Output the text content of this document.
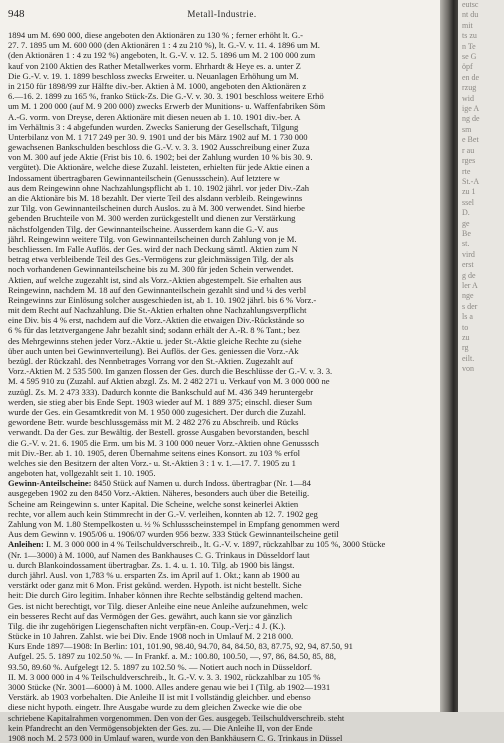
948	Metall-Industrie.
1894 um M. 690 000, diese angeboten den Aktionären zu 130 % ; ferner erhöht lt. G.-
27. 7. 1895 um M. 600 000 (den Aktionären 1 : 4 zu 210 %), lt. G.-V. v. 11. 4. 1896 um M.
(den Aktionären 1 : 4 zu 192 %) angeboten, lt. G.-V. v. 12. 5. 1896 um M. 2 100 000 zum
kauf von 2100 Aktien des Rather Metallwerkes vorm. Ehrhardt & Heye es. a. unter Z
Die G.-V. v. 19. 1. 1899 beschloss zwecks Erweiter. u. Neuanlagen Erhöhung um M.
in 2150 für 1898/99 zur Hälfte div.-ber. Aktien à M. 1000, angeboten den Aktionären z
6.—16. 2. 1899 zu 165 %, franko Stück-Zs. Die G.-V. v. 30. 3. 1901 beschloss weitere Erhö
um M. 1 200 000 (auf M. 9 200 000) zwecks Erwerb der Munitions- u. Waffenfabriken Söm
A.-G. vorm. von Dreyse, deren Aktionäre mit diesen neuen ab 1. 10. 1901 div.-ber. A
im Verhältnis 3 : 4 abgefunden wurden. Zwecks Sanierung der Gesellschaft, Tilgung
Unterbilanz von M. 1 717 249 per 30. 9. 1901 und der bis März 1902 auf M. 1 730 000
gewachsenen Bankschulden beschloss die G.-V. v. 3. 3. 1902 Ausschreibung einer Zuza
von M. 300 auf jede Aktie (Frist bis 10. 6. 1902; bei der Zahlung wurden 10 % bis 30. 9.
vergütet). Die Aktionäre, welche diese Zuzahl. leisteten, erhielten für jede Aktie einen a
Indossament übertragbaren Gewinnanteilschein (Genussschein). Auf letztere w
aus dem Reingewinn ohne Nachzahlungspflicht ab 1. 10. 1902 jährl. vor jeder Div.-Zah
an die Aktionäre bis M. 18 bezahlt. Der vierte Teil des alsdann verbleib. Reingewinns
zur Tilg. von Gewinnanteilscheinen durch Auslos. zu à M. 300 verwendet. Sind hierbe
gebenden Bruchteile von M. 300 werden zurückgestellt und dienen zur Verstärkung
nächstfolgenden Tilg. der Gewinnanteilscheine. Ausserdem kann die G.-V. aus
jährl. Reingewinn weitere Tilg. von Gewinnanteilscheinen durch Zahlung von je M.
beschliessen. Im Falle Auflös. der Ges. wird der nach Deckung sämtl. Aktien zum N
betrag etwa verbleibende Teil des Ges.-Vermögens zur gleichmässigen Tilg. der als
noch vorhandenen Gewinnanteilscheine bis zu M. 300 für jeden Schein verwendet.
Aktien, auf welche zugezahlt ist, sind als Vorz.-Aktien abgestempelt. Sie erhalten aus
Reingewinn, nachdem M. 18 auf den Gewinnanteilschein gezahlt sind und ¼ des verbl
Reingewinns zur Einlösung solcher ausgeschieden ist, ab 1. 10. 1902 jährl. bis 6 % Vorz.-
mit dem Recht auf Nachzahlung. Die St.-Aktien erhalten ohne Nachzahlungsverpflicht
eine Div. bis 4 % erst, nachdem auf die Vorz.-Aktien die etwaigen Div.-Rückstände so
6 % für das letztvergangene Jahr bezahlt sind; sodann erhält der A.-R. 8 % Tant.; bez
des Mehrgewinns stehen jeder Vorz.-Aktie u. jeder St.-Aktie gleiche Rechte zu (siehe
über auch unten bei Gewinnverteilung). Bei Auflös. der Ges. geniessen die Vorz.-Ak
bezügl. der Rückzahl. des Nennbetrages Vorrang vor den St.-Aktien. Zugezahlt auf
Vorz.-Aktien M. 2 535 500. Im ganzen flossen der Ges. durch die Beschlüsse der G.-V. v. 3. 3.
M. 4 595 910 zu (Zuzahl. auf Aktien abzgl. Zs. M. 2 482 271 u. Verkauf von M. 3 000 000 ne
zuzügl. Zs. M. 2 473 333). Dadurch konnte die Bankschuld auf M. 436 349 heruntergebr
werden, sie stieg aber bis Ende Sept. 1903 wieder auf M. 1 889 375; einschl. dieser Sum
wurde der Ges. ein Gesamtkredit von M. 1 950 000 zugesichert. Der durch die Zuzahl.
gewordene Betr. wurde beschlussgemäss mit M. 2 482 276 zu Abschreib. und Rücks
verwandt. Da der Ges. zur Bewältig. der Bestell. grosse Ausgaben bevorstanden, beschl
die G.-V. v. 21. 6. 1905 die Erm. um bis M. 3 100 000 neuer Vorz.-Aktien ohne Genusssch
mit Div.-Ber. ab 1. 10. 1905, deren Übernahme seitens eines Konsort. zu 103 % erfol
welches sie den Besitzern der alten Vorz.- u. St.-Aktien 3 : 1 v. 1.—17. 7. 1905 zu 1
angeboten hat, vollgezahlt seit 1. 10. 1905.
Gewinn-Anteilscheine: 8450 Stück auf Namen u. durch Indoss. übertragbar (Nr. 1—84
ausgegeben 1902 zu den 8450 Vorz.-Aktien. Näheres, besonders auch über die Beteilig.
Scheine am Reingewinn s. unter Kapital. Die Scheine, welche sonst keinerlei Aktien
rechte, vor allem auch kein Stimmrecht in der G.-V. verleihen, konnten ab 12. 7. 1902 geg
Zahlung von M. 1.80 Stempelkosten u. ½ % Schlussscheinstempel in Empfang genommen werd
Aus dem Gewinn v. 1905/06 u. 1906/07 wurden 956 bezw. 333 Stück Gewinnanteilscheine getil
Anleihen: I. M. 3 000 000 in 4 % Teilschuldverschreib., lt. G.-V. v. 1897, rückzahlbar zu 105 %, 3000 Stücke
(Nr. 1—3000) à M. 1000, auf Namen des Bankhauses C. G. Trinkaus in Düsseldorf laut
u. durch Blankoindossament übertragbar. Zs. 1. 4. u. 1. 10. Tilg. ab 1900 bis längst.
durch jährl. Ausl. von 1,783 % u. ersparten Zs. im April auf 1. Okt.; kann ab 1900 au
verstärkt oder ganz mit 6 Mon. Frist gekünd. werden. Hypoth. ist nicht bestellt. Siche
heit: Die durch Giro legitim. Inhaber können ihre Rechte selbständig geltend machen.
Ges. ist nicht berechtigt, vor Tilg. dieser Anleihe eine neue Anleihe aufzunehmen, welc
ein besseres Recht auf das Vermögen der Ges. gewährt, auch kann sie vor gänzlich
Tilg. die ihr zugehörigen Liegenschaften nicht verpfän-en. Coup.-Verj.: 4 J. (K.).
Stücke in 10 Jahren. Zahlst. wie bei Div. Ende 1908 noch in Umlauf M. 2 218 000.
Kurs Ende 1897—1908: In Berlin: 101, 101.90, 98.40, 94.70, 84, 84.50, 83, 87.75, 92, 94, 87.50, 91
Aufgel. 25. 5. 1897 zu 102.50 %. — In Frankf. a. M.: 100.80, 100.50, —, 97, 86, 84.50, 85, 88,
93.50, 89.60 %. Aufgelegt 12. 5. 1897 zu 102.50 %. — Notiert auch noch in Düsseldorf.
II. M. 3 000 000 in 4 % Teilschuldverschreib., lt. G.-V. v. 3. 3. 1902, rückzahlbar zu 105 %
3000 Stücke (Nr. 3001—6000) à M. 1000. Alles andere genau wie bei I (Tilg. ab 1902—1931
Verstärk. ab 1903 vorbehalten. Die Anleihe II ist mit I vollständig gleichber. und ebenso
diese nicht hypoth. eingetr. Ihre Ausgabe wurde zu dem gleichen Zwecke wie die obe
schriebene Kapitalrahmen vorgenommen. Den von der Ges. ausgegeb. Teilschuldverschreib. steht
kein Pfandrecht an den Vermögensobjekten der Ges. zu. — Die Anleihe II, von der Ende
1908 noch M. 2 573 000 in Umlauf waren, wurde von den Bankhäusern C. G. Trinkaus in Düssel
eutsc
nt du
mit
ts zu
n Te
se G
öpf
en de
rzug
wid
ige A
ng de
sm
e Bet
r au
rges
rte
St.-A
zu 1
ssel
D.
ge
Be
st.
vird
erst
g de
ler A
nge
s der
ls a
to
zu
rg
eilt.
von
